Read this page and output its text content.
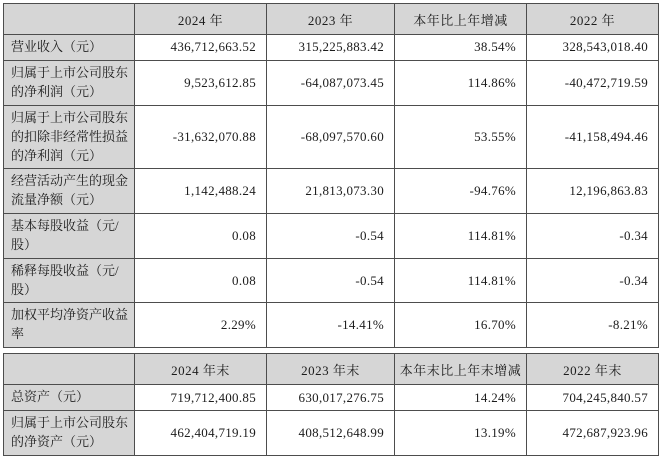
	2024 年	2023 年	本年比上年增减	2022 年
营业收入（元）	436,712,663.52	315,225,883.42	38.54%	328,543,018.40
归属于上市公司股东的净利润（元）	9,523,612.85	-64,087,073.45	114.86%	-40,472,719.59
归属于上市公司股东的扣除非经常性损益的净利润（元）	-31,632,070.88	-68,097,570.60	53.55%	-41,158,494.46
经营活动产生的现金流量净额（元）	1,142,488.24	21,813,073.30	-94.76%	12,196,863.83
基本每股收益（元/股）	0.08	-0.54	114.81%	-0.34
稀释每股收益（元/股）	0.08	-0.54	114.81%	-0.34
加权平均净资产收益率	2.29%	-14.41%	16.70%	-8.21%
	2024 年末	2023 年末	本年末比上年末增减	2022 年末
总资产（元）	719,712,400.85	630,017,276.75	14.24%	704,245,840.57
归属于上市公司股东的净资产（元）	462,404,719.19	408,512,648.99	13.19%	472,687,923.96
